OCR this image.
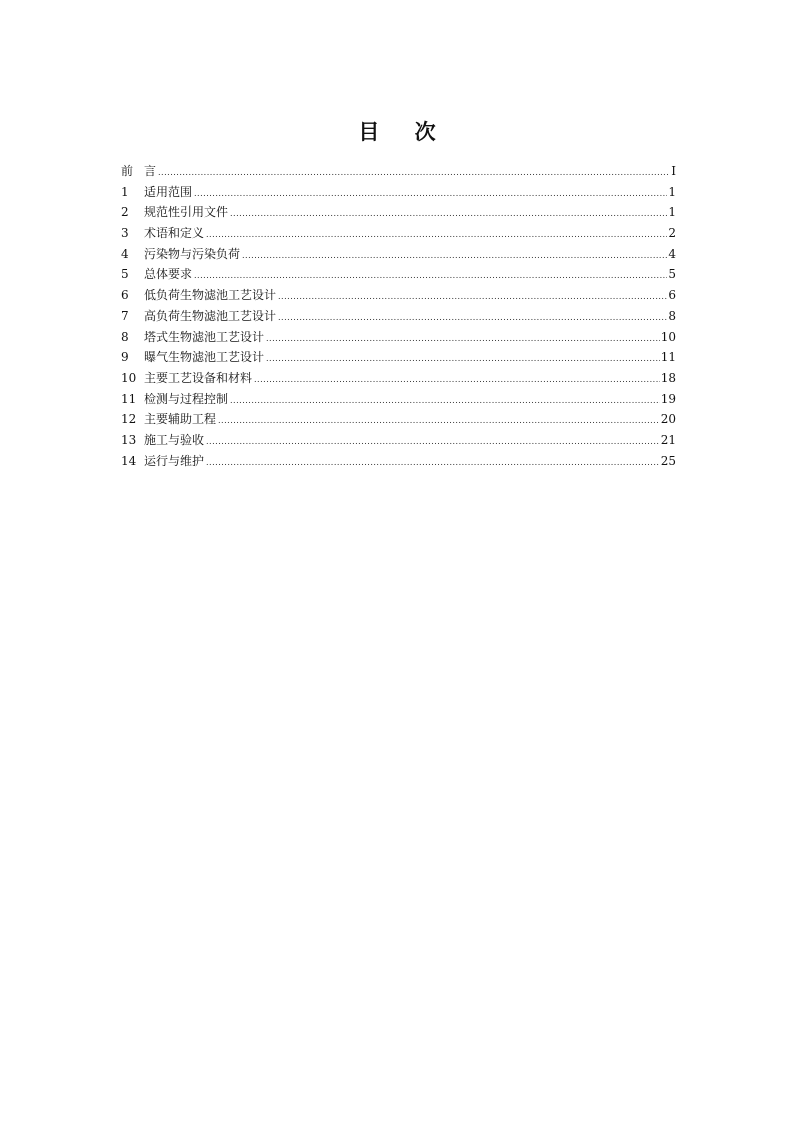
目 次
前 言 .....	I
1	适用范围 .....	1
2	规范性引用文件 .....	1
3	术语和定义 .....	2
4	污染物与污染负荷 .....	4
5	总体要求 .....	5
6	低负荷生物滤池工艺设计 .....	6
7	高负荷生物滤池工艺设计 .....	8
8	塔式生物滤池工艺设计 .....	10
9	曝气生物滤池工艺设计 .....	11
10 主要工艺设备和材料 .....	18
11 检测与过程控制 .....	19
12 主要辅助工程 .....	20
13 施工与验收 .....	21
14 运行与维护 .....	25
